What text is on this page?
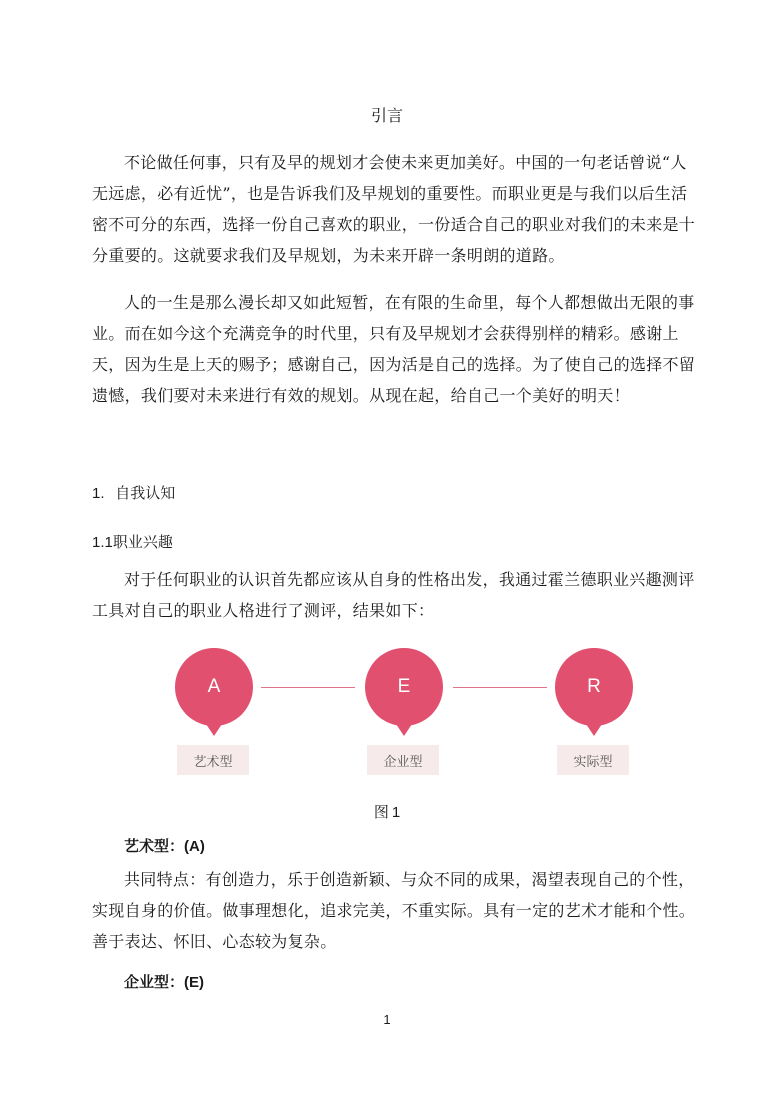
引言

不论做任何事，只有及早的规划才会使未来更加美好。中国的一句老话曾说“人无远虑，必有近忧”，也是告诉我们及早规划的重要性。而职业更是与我们以后生活密不可分的东西，选择一份自己喜欢的职业，一份适合自己的职业对我们的未来是十分重要的。这就要求我们及早规划，为未来开辟一条明朗的道路。

人的一生是那么漫长却又如此短暂，在有限的生命里，每个人都想做出无限的事业。而在如今这个充满竞争的时代里，只有及早规划才会获得别样的精彩。感谢上天，因为生是上天的赐予；感谢自己，因为活是自己的选择。为了使自己的选择不留遗憾，我们要对未来进行有效的规划。从现在起，给自己一个美好的明天！

1. 自我认知
1.1职业兴趣

对于任何职业的认识首先都应该从自身的性格出发，我通过霍兰德职业兴趣测评工具对自己的职业人格进行了测评，结果如下：

A
艺术型
E
企业型
R
实际型
图 1
艺术型：(A)

共同特点：有创造力，乐于创造新颖、与众不同的成果，渴望表现自己的个性，实现自身的价值。做事理想化，追求完美，不重实际。具有一定的艺术才能和个性。善于表达、怀旧、心态较为复杂。

企业型：(E)
1
